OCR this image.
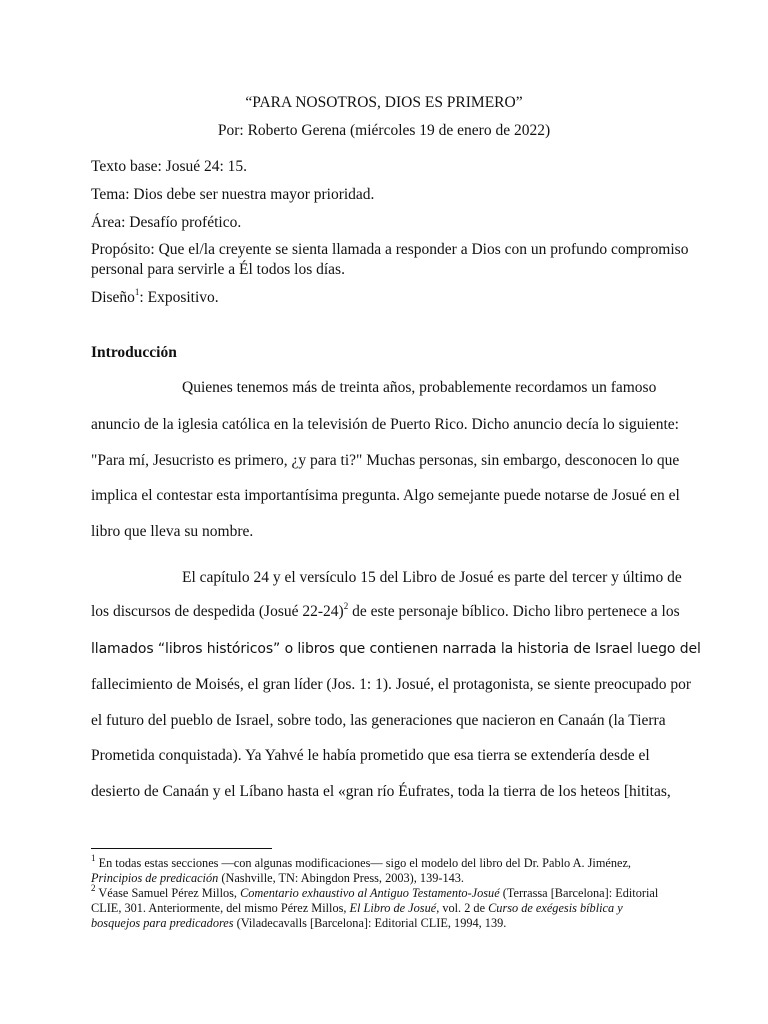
“PARA NOSOTROS, DIOS ES PRIMERO”
Por: Roberto Gerena (miércoles 19 de enero de 2022)
Texto base: Josué 24: 15.
Tema: Dios debe ser nuestra mayor prioridad.
Área: Desafío profético.
Propósito: Que el/la creyente se sienta llamada a responder a Dios con un profundo compromiso
personal para servirle a Él todos los días.
Diseño$^1$: Expositivo.
Introducción
Quienes tenemos más de treinta años, probablemente recordamos un famoso
anuncio de la iglesia católica en la televisión de Puerto Rico. Dicho anuncio decía lo siguiente:
"Para mí, Jesucristo es primero, ¿y para ti?" Muchas personas, sin embargo, desconocen lo que
implica el contestar esta importantísima pregunta. Algo semejante puede notarse de Josué en el
libro que lleva su nombre.
El capítulo 24 y el versículo 15 del Libro de Josué es parte del tercer y último de
los discursos de despedida (Josué 22-24)$^2$ de este personaje bíblico. Dicho libro pertenece a los
llamados “libros históricos” o libros que contienen narrada la historia de Israel luego del
fallecimiento de Moisés, el gran líder (Jos. 1: 1). Josué, el protagonista, se siente preocupado por
el futuro del pueblo de Israel, sobre todo, las generaciones que nacieron en Canaán (la Tierra
Prometida conquistada). Ya Yahvé le había prometido que esa tierra se extendería desde el
desierto de Canaán y el Líbano hasta el «gran río Éufrates, toda la tierra de los heteos [hititas,
$^1$ En todas estas secciones ―con algunas modificaciones― sigo el modelo del libro del Dr. Pablo A. Jiménez,
Principios de predicación (Nashville, TN: Abingdon Press, 2003), 139-143.
$^2$ Véase Samuel Pérez Millos, Comentario exhaustivo al Antiguo Testamento-Josué (Terrassa [Barcelona]: Editorial
CLIE, 301. Anteriormente, del mismo Pérez Millos, El Libro de Josué, vol. 2 de Curso de exégesis bíblica y
bosquejos para predicadores (Viladecavalls [Barcelona]: Editorial CLIE, 1994, 139.
